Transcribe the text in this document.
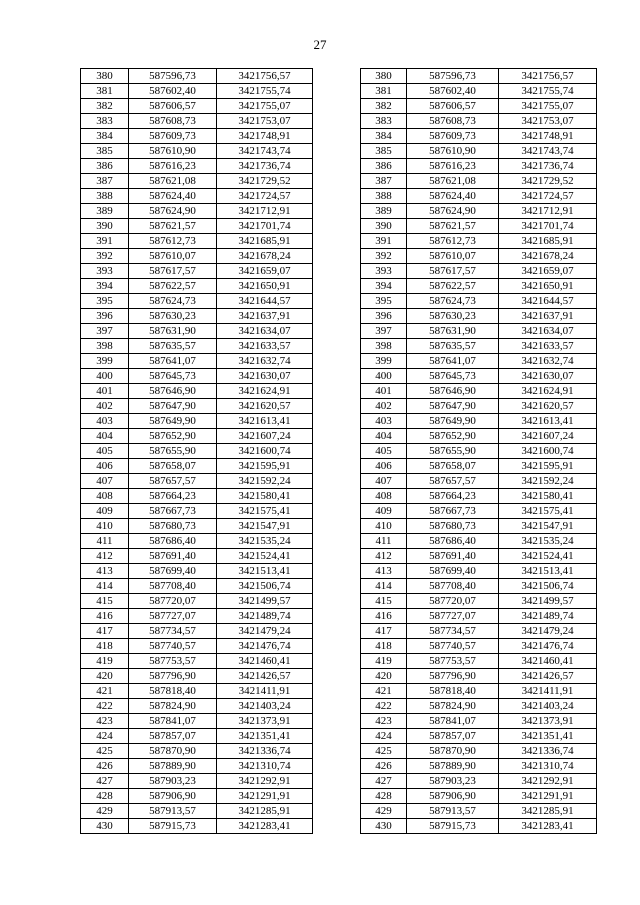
27
380	587596,73	3421756,57		380	587596,73	3421756,57
381	587602,40	3421755,74		381	587602,40	3421755,74
382	587606,57	3421755,07		382	587606,57	3421755,07
383	587608,73	3421753,07		383	587608,73	3421753,07
384	587609,73	3421748,91		384	587609,73	3421748,91
385	587610,90	3421743,74		385	587610,90	3421743,74
386	587616,23	3421736,74		386	587616,23	3421736,74
387	587621,08	3421729,52		387	587621,08	3421729,52
388	587624,40	3421724,57		388	587624,40	3421724,57
389	587624,90	3421712,91		389	587624,90	3421712,91
390	587621,57	3421701,74		390	587621,57	3421701,74
391	587612,73	3421685,91		391	587612,73	3421685,91
392	587610,07	3421678,24		392	587610,07	3421678,24
393	587617,57	3421659,07		393	587617,57	3421659,07
394	587622,57	3421650,91		394	587622,57	3421650,91
395	587624,73	3421644,57		395	587624,73	3421644,57
396	587630,23	3421637,91		396	587630,23	3421637,91
397	587631,90	3421634,07		397	587631,90	3421634,07
398	587635,57	3421633,57		398	587635,57	3421633,57
399	587641,07	3421632,74		399	587641,07	3421632,74
400	587645,73	3421630,07		400	587645,73	3421630,07
401	587646,90	3421624,91		401	587646,90	3421624,91
402	587647,90	3421620,57		402	587647,90	3421620,57
403	587649,90	3421613,41		403	587649,90	3421613,41
404	587652,90	3421607,24		404	587652,90	3421607,24
405	587655,90	3421600,74		405	587655,90	3421600,74
406	587658,07	3421595,91		406	587658,07	3421595,91
407	587657,57	3421592,24		407	587657,57	3421592,24
408	587664,23	3421580,41		408	587664,23	3421580,41
409	587667,73	3421575,41		409	587667,73	3421575,41
410	587680,73	3421547,91		410	587680,73	3421547,91
411	587686,40	3421535,24		411	587686,40	3421535,24
412	587691,40	3421524,41		412	587691,40	3421524,41
413	587699,40	3421513,41		413	587699,40	3421513,41
414	587708,40	3421506,74		414	587708,40	3421506,74
415	587720,07	3421499,57		415	587720,07	3421499,57
416	587727,07	3421489,74		416	587727,07	3421489,74
417	587734,57	3421479,24		417	587734,57	3421479,24
418	587740,57	3421476,74		418	587740,57	3421476,74
419	587753,57	3421460,41		419	587753,57	3421460,41
420	587796,90	3421426,57		420	587796,90	3421426,57
421	587818,40	3421411,91		421	587818,40	3421411,91
422	587824,90	3421403,24		422	587824,90	3421403,24
423	587841,07	3421373,91		423	587841,07	3421373,91
424	587857,07	3421351,41		424	587857,07	3421351,41
425	587870,90	3421336,74		425	587870,90	3421336,74
426	587889,90	3421310,74		426	587889,90	3421310,74
427	587903,23	3421292,91		427	587903,23	3421292,91
428	587906,90	3421291,91		428	587906,90	3421291,91
429	587913,57	3421285,91		429	587913,57	3421285,91
430	587915,73	3421283,41		430	587915,73	3421283,41
